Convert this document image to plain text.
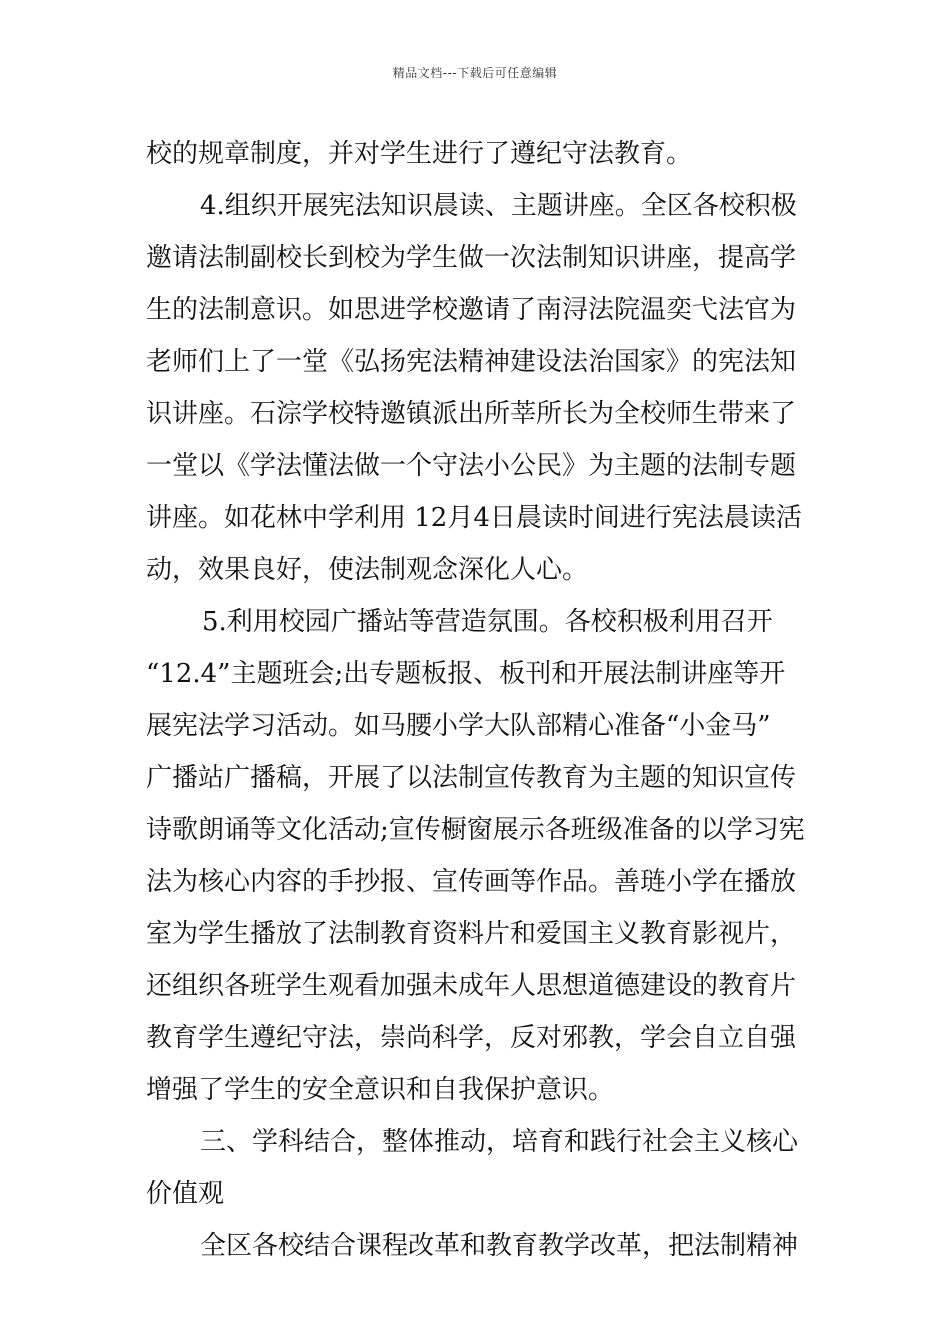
精品文档---下载后可任意编辑
校的规章制度，并对学生进行了遵纪守法教育。
4.组织开展宪法知识晨读、主题讲座。全区各校积极
邀请法制副校长到校为学生做一次法制知识讲座，提高学
生的法制意识。如思进学校邀请了南浔法院温奕弋法官为
老师们上了一堂《弘扬宪法精神建设法治国家》的宪法知
识讲座。石淙学校特邀镇派出所莘所长为全校师生带来了
一堂以《学法懂法做一个守法小公民》为主题的法制专题
讲座。如花林中学利用 12月4日晨读时间进行宪法晨读活
动，效果良好，使法制观念深化人心。
5.利用校园广播站等营造氛围。各校积极利用召开
“12.4”主题班会;出专题板报、板刊和开展法制讲座等开
展宪法学习活动。如马腰小学大队部精心准备“小金马”
广播站广播稿，开展了以法制宣传教育为主题的知识宣传
诗歌朗诵等文化活动;宣传橱窗展示各班级准备的以学习宪
法为核心内容的手抄报、宣传画等作品。善琏小学在播放
室为学生播放了法制教育资料片和爱国主义教育影视片，
还组织各班学生观看加强未成年人思想道德建设的教育片
教育学生遵纪守法，崇尚科学，反对邪教，学会自立自强
增强了学生的安全意识和自我保护意识。
三、学科结合，整体推动，培育和践行社会主义核心
价值观
全区各校结合课程改革和教育教学改革，把法制精神
